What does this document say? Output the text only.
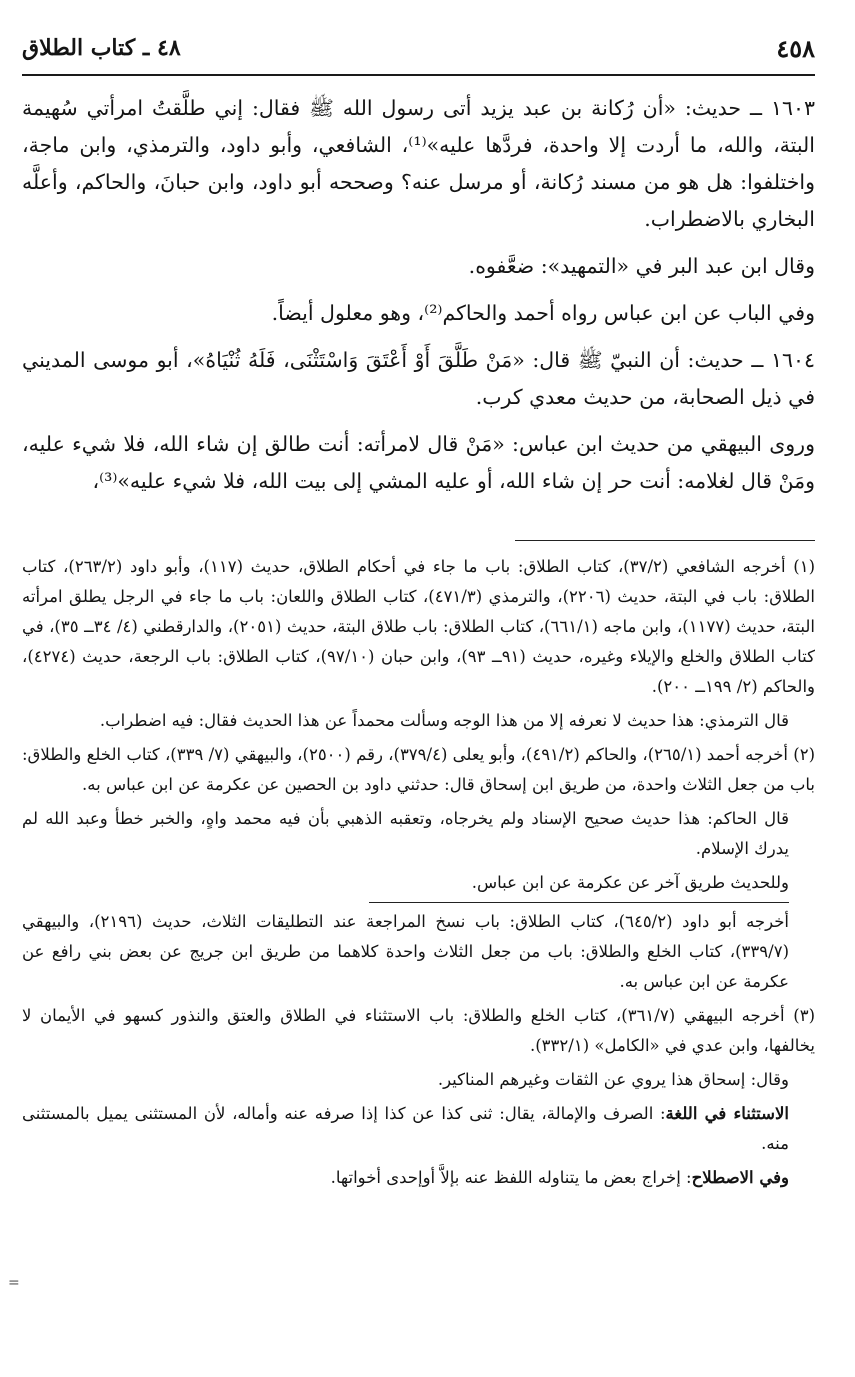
٤٥٨
٤٨ ـ كتاب الطلاق

١٦٠٣ ــ حديث: «أن رُكانة بن عبد يزيد أتى رسول الله ﷺ فقال: إني طلَّقتُ امرأتي سُهيمة البتة، والله، ما أردت إلا واحدة، فردَّها عليه»⁽¹⁾، الشافعي، وأبو داود، والترمذي، وابن ماجة، واختلفوا: هل هو من مسند رُكانة، أو مرسل عنه؟ وصححه أبو داود، وابن حبانَ، والحاكم، وأعلَّه البخاري بالاضطراب.

وقال ابن عبد البر في «التمهيد»: ضعَّفوه.

وفي الباب عن ابن عباس رواه أحمد والحاكم⁽²⁾، وهو معلول أيضاً.

١٦٠٤ ــ حديث: أن النبيّ ﷺ قال: «مَنْ طَلَّقَ أَوْ أَعْتَقَ وَاسْتَثْنَى، فَلَهُ ثُنْيَاهُ»، أبو موسى المديني في ذيل الصحابة، من حديث معدي كرب.

وروى البيهقي من حديث ابن عباس: «مَنْ قال لامرأته: أنت طالق إن شاء الله، فلا شيء عليه، ومَنْ قال لغلامه: أنت حر إن شاء الله، أو عليه المشي إلى بيت الله، فلا شيء عليه»⁽³⁾،

(١) أخرجه الشافعي (٣٧/٢)، كتاب الطلاق: باب ما جاء في أحكام الطلاق، حديث (١١٧)، وأبو داود (٢٦٣/٢)، كتاب الطلاق: باب في البتة، حديث (٢٢٠٦)، والترمذي (٤٧١/٣)، كتاب الطلاق واللعان: باب ما جاء في الرجل يطلق امرأته البتة، حديث (١١٧٧)، وابن ماجه (٦٦١/١)، كتاب الطلاق: باب طلاق البتة، حديث (٢٠٥١)، والدارقطني (٤/ ٣٤ــ ٣٥)، في كتاب الطلاق والخلع والإيلاء وغيره، حديث (٩١ــ ٩٣)، وابن حبان (٩٧/١٠)، كتاب الطلاق: باب الرجعة، حديث (٤٢٧٤)، والحاكم (٢/ ١٩٩ــ ٢٠٠).

قال الترمذي: هذا حديث لا نعرفه إلا من هذا الوجه وسألت محمداً عن هذا الحديث فقال: فيه اضطراب.

(٢) أخرجه أحمد (٢٦٥/١)، والحاكم (٤٩١/٢)، وأبو يعلى (٣٧٩/٤)، رقم (٢٥٠٠)، والبيهقي (٧/ ٣٣٩)، كتاب الخلع والطلاق: باب من جعل الثلاث واحدة، من طريق ابن إسحاق قال: حدثني داود بن الحصين عن عكرمة عن ابن عباس به.

قال الحاكم: هذا حديث صحيح الإسناد ولم يخرجاه، وتعقبه الذهبي بأن فيه محمد واهٍ، والخبر خطأ وعبد الله لم يدرك الإسلام.

وللحديث طريق آخر عن عكرمة عن ابن عباس.

أخرجه أبو داود (٦٤٥/٢)، كتاب الطلاق: باب نسخ المراجعة عند التطليقات الثلاث، حديث (٢١٩٦)، والبيهقي (٣٣٩/٧)، كتاب الخلع والطلاق: باب من جعل الثلاث واحدة كلاهما من طريق ابن جريج عن بعض بني رافع عن عكرمة عن ابن عباس به.

(٣) أخرجه البيهقي (٣٦١/٧)، كتاب الخلع والطلاق: باب الاستثناء في الطلاق والعتق والنذور كسهو في الأيمان لا يخالفها، وابن عدي في «الكامل» (٣٣٢/١).

وقال: إسحاق هذا يروي عن الثقات وغيرهم المناكير.

الاستثناء في اللغة: الصرف والإمالة، يقال: ثنى كذا عن كذا إذا صرفه عنه وأماله، لأن المستثنى يميل بالمستثنى منه.

وفي الاصطلاح: إخراج بعض ما يتناوله اللفظ عنه بإلاَّ أوإحدى أخواتها.

=
